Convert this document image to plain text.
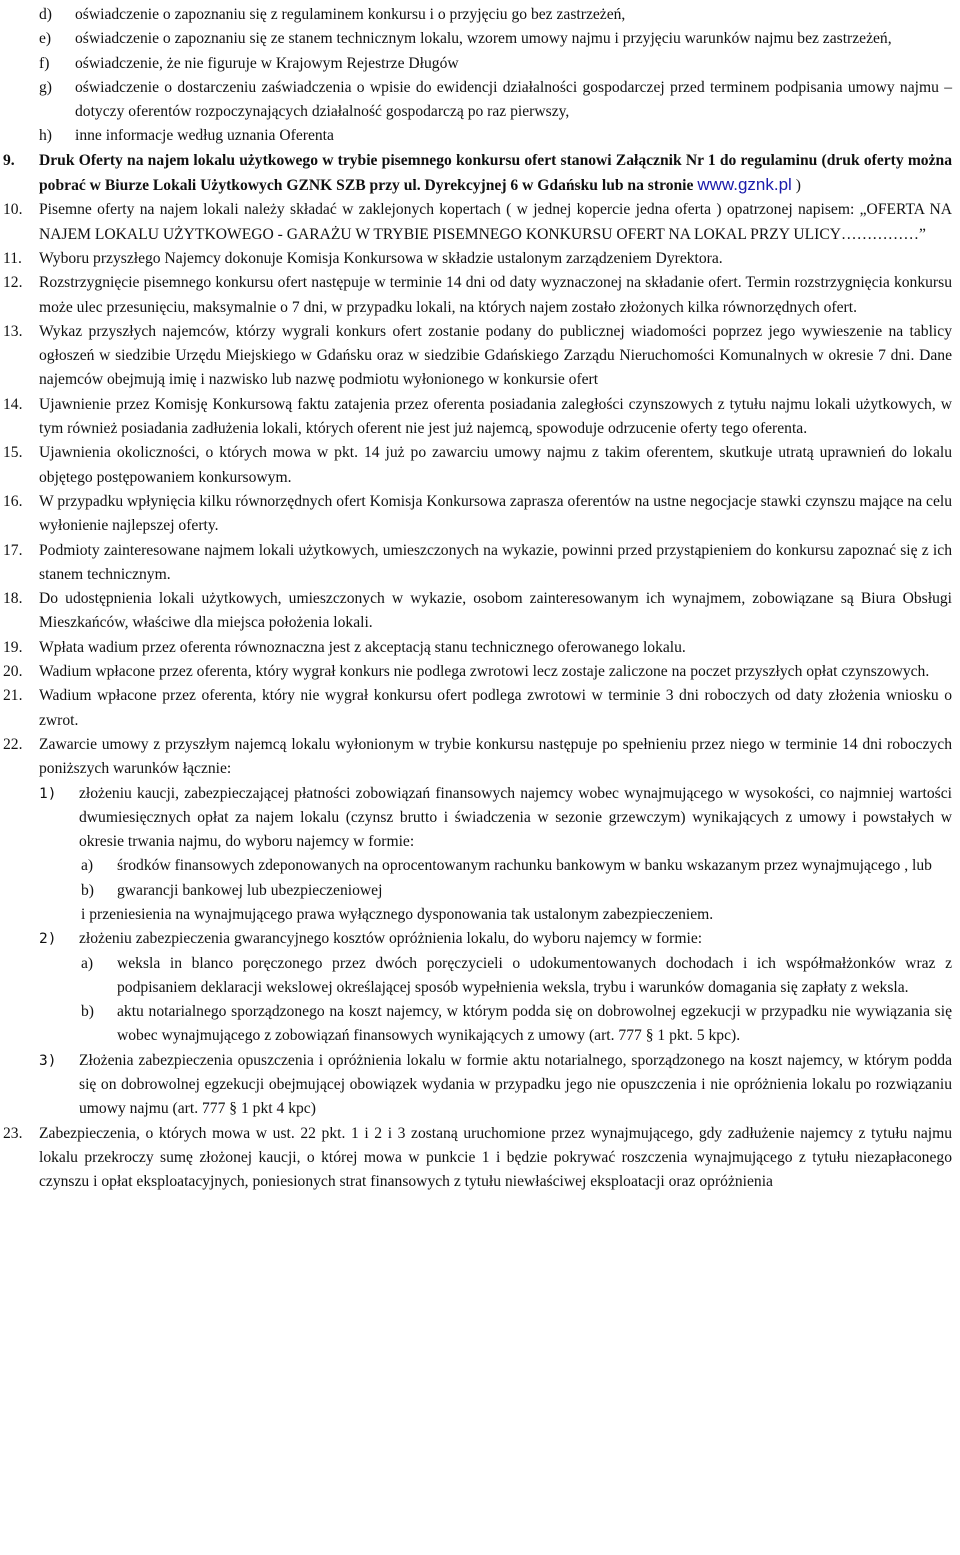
d) oświadczenie o zapoznaniu się z regulaminem konkursu i o przyjęciu go bez zastrzeżeń,

e) oświadczenie o zapoznaniu się ze stanem technicznym lokalu, wzorem umowy najmu i przyjęciu warunków najmu bez zastrzeżeń,

f) oświadczenie, że nie figuruje w Krajowym Rejestrze Długów

g) oświadczenie o dostarczeniu zaświadczenia o wpisie do ewidencji działalności gospodarczej przed terminem podpisania umowy najmu – dotyczy oferentów rozpoczynających działalność gospodarczą po raz pierwszy,

h) inne informacje według uznania Oferenta

9. Druk Oferty na najem lokalu użytkowego w trybie pisemnego konkursu ofert stanowi Załącznik Nr 1 do regulaminu (druk oferty można pobrać w Biurze Lokali Użytkowych GZNK SZB przy ul. Dyrekcyjnej 6 w Gdańsku lub na stronie www.gznk.pl )

10. Pisemne oferty na najem lokali należy składać w zaklejonych kopertach ( w jednej kopercie jedna oferta ) opatrzonej napisem: „OFERTA NA NAJEM LOKALU UŻYTKOWEGO - GARAŻU W TRYBIE PISEMNEGO KONKURSU OFERT NA LOKAL PRZY ULICY……………”

11. Wyboru przyszłego Najemcy dokonuje Komisja Konkursowa w składzie ustalonym zarządzeniem Dyrektora.

12. Rozstrzygnięcie pisemnego konkursu ofert następuje w terminie 14 dni od daty wyznaczonej na składanie ofert. Termin rozstrzygnięcia konkursu może ulec przesunięciu, maksymalnie o 7 dni, w przypadku lokali, na których najem zostało złożonych kilka równorzędnych ofert.

13. Wykaz przyszłych najemców, którzy wygrali konkurs ofert zostanie podany do publicznej wiadomości poprzez jego wywieszenie na tablicy ogłoszeń w siedzibie Urzędu Miejskiego w Gdańsku oraz w siedzibie Gdańskiego Zarządu Nieruchomości Komunalnych w okresie 7 dni. Dane najemców obejmują imię i nazwisko lub nazwę podmiotu wyłonionego w konkursie ofert

14. Ujawnienie przez Komisję Konkursową faktu zatajenia przez oferenta posiadania zaległości czynszowych z tytułu najmu lokali użytkowych, w tym również posiadania zadłużenia lokali, których oferent nie jest już najemcą, spowoduje odrzucenie oferty tego oferenta.

15. Ujawnienia okoliczności, o których mowa w pkt. 14 już po zawarciu umowy najmu z takim oferentem, skutkuje utratą uprawnień do lokalu objętego postępowaniem konkursowym.

16. W przypadku wpłynięcia kilku równorzędnych ofert Komisja Konkursowa zaprasza oferentów na ustne negocjacje stawki czynszu mające na celu wyłonienie najlepszej oferty.

17. Podmioty zainteresowane najmem lokali użytkowych, umieszczonych na wykazie, powinni przed przystąpieniem do konkursu zapoznać się z ich stanem technicznym.

18. Do udostępnienia lokali użytkowych, umieszczonych w wykazie, osobom zainteresowanym ich wynajmem, zobowiązane są Biura Obsługi Mieszkańców, właściwe dla miejsca położenia lokali.

19. Wpłata wadium przez oferenta równoznaczna jest z akceptacją stanu technicznego oferowanego lokalu.

20. Wadium wpłacone przez oferenta, który wygrał konkurs nie podlega zwrotowi lecz zostaje zaliczone na poczet przyszłych opłat czynszowych.

21. Wadium wpłacone przez oferenta, który nie wygrał konkursu ofert podlega zwrotowi w terminie 3 dni roboczych od daty złożenia wniosku o zwrot.

22. Zawarcie umowy z przyszłym najemcą lokalu wyłonionym w trybie konkursu następuje po spełnieniu przez niego w terminie 14 dni roboczych poniższych warunków łącznie:

1) złożeniu kaucji, zabezpieczającej płatności zobowiązań finansowych najemcy wobec wynajmującego w wysokości, co najmniej wartości dwumiesięcznych opłat za najem lokalu (czynsz brutto i świadczenia w sezonie grzewczym) wynikających z umowy i powstałych w okresie trwania najmu, do wyboru najemcy w formie:

a) środków finansowych zdeponowanych na oprocentowanym rachunku bankowym w banku wskazanym przez wynajmującego , lub

b) gwarancji bankowej lub ubezpieczeniowej

i przeniesienia na wynajmującego prawa wyłącznego dysponowania tak ustalonym zabezpieczeniem.
2) złożeniu zabezpieczenia gwarancyjnego kosztów opróżnienia lokalu, do wyboru najemcy w formie:

a) weksla in blanco poręczonego przez dwóch poręczycieli o udokumentowanych dochodach i ich współmałżonków wraz z podpisaniem deklaracji wekslowej określającej sposób wypełnienia weksla, trybu i warunków domagania się zapłaty z weksla.

b) aktu notarialnego sporządzonego na koszt najemcy, w którym podda się on dobrowolnej egzekucji w przypadku nie wywiązania się wobec wynajmującego z zobowiązań finansowych wynikających z umowy (art. 777 § 1 pkt. 5 kpc).

3) Złożenia zabezpieczenia opuszczenia i opróżnienia lokalu w formie aktu notarialnego, sporządzonego na koszt najemcy, w którym podda się on dobrowolnej egzekucji obejmującej obowiązek wydania w przypadku jego nie opuszczenia i nie opróżnienia lokalu po rozwiązaniu umowy najmu (art. 777 § 1 pkt 4 kpc)

23. Zabezpieczenia, o których mowa w ust. 22 pkt. 1 i 2 i 3 zostaną uruchomione przez wynajmującego, gdy zadłużenie najemcy z tytułu najmu lokalu przekroczy sumę złożonej kaucji, o której mowa w punkcie 1 i będzie pokrywać roszczenia wynajmującego z tytułu niezapłaconego czynszu i opłat eksploatacyjnych, poniesionych strat finansowych z tytułu niewłaściwej eksploatacji oraz opróżnienia
